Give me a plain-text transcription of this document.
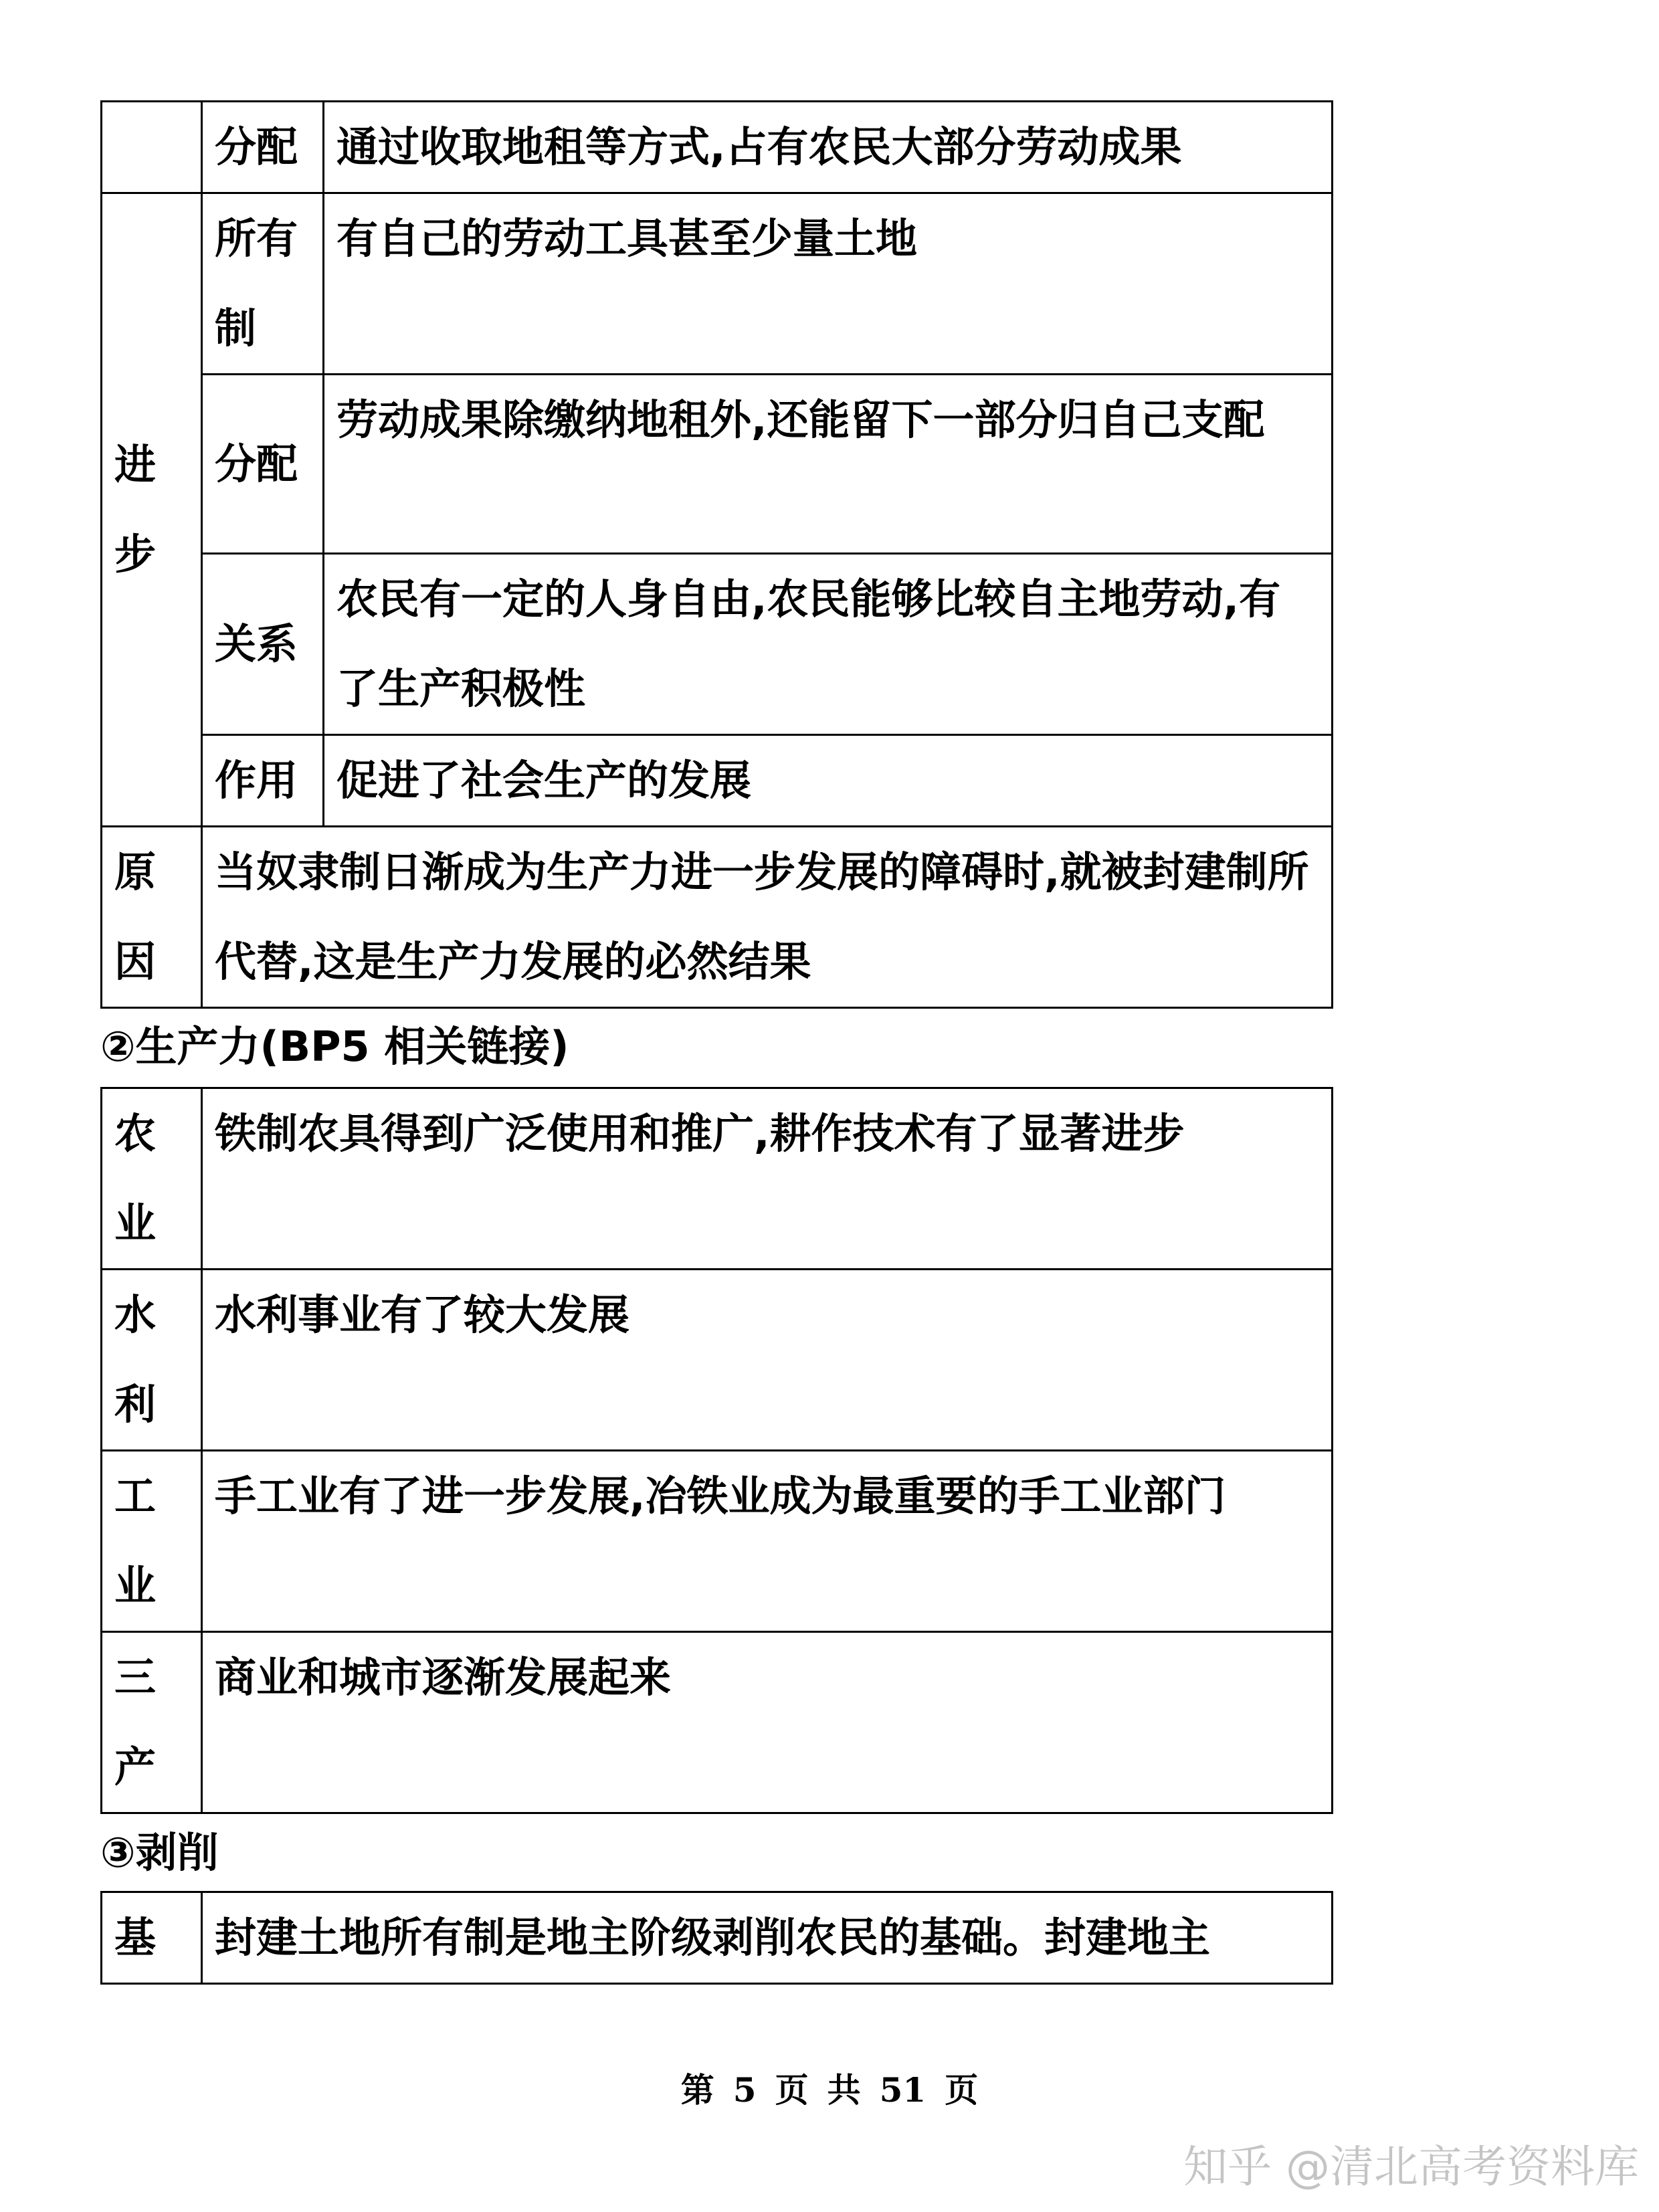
	分配	通过收取地租等方式,占有农民大部分劳动成果
进步	所有制	有自己的劳动工具甚至少量土地
	分配	劳动成果除缴纳地租外,还能留下一部分归自己支配
	关系	农民有一定的人身自由,农民能够比较自主地劳动,有了生产积极性
	作用	促进了社会生产的发展
原因	当奴隶制日渐成为生产力进一步发展的障碍时,就被封建制所代替,这是生产力发展的必然结果	
②生产力(BP5 相关链接)
农业	铁制农具得到广泛使用和推广,耕作技术有了显著进步
水利	水利事业有了较大发展
工业	手工业有了进一步发展,冶铁业成为最重要的手工业部门
三产	商业和城市逐渐发展起来
③剥削
基	封建土地所有制是地主阶级剥削农民的基础。封建地主
第 5 页 共 51 页
知乎 @清北高考资料库
